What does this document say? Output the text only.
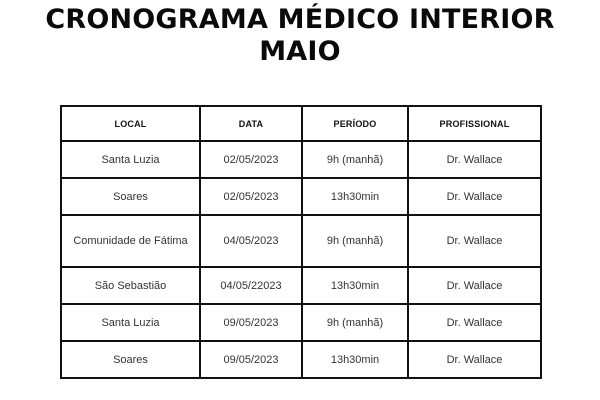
CRONOGRAMA MÉDICO INTERIOR
MAIO
LOCAL	DATA	PERÍODO	PROFISSIONAL
Santa Luzia	02/05/2023	9h (manhã)	Dr. Wallace
Soares	02/05/2023	13h30min	Dr. Wallace
Comunidade de Fátima	04/05/2023	9h (manhã)	Dr. Wallace
São Sebastião	04/05/22023	13h30min	Dr. Wallace
Santa Luzia	09/05/2023	9h (manhã)	Dr. Wallace
Soares	09/05/2023	13h30min	Dr. Wallace
